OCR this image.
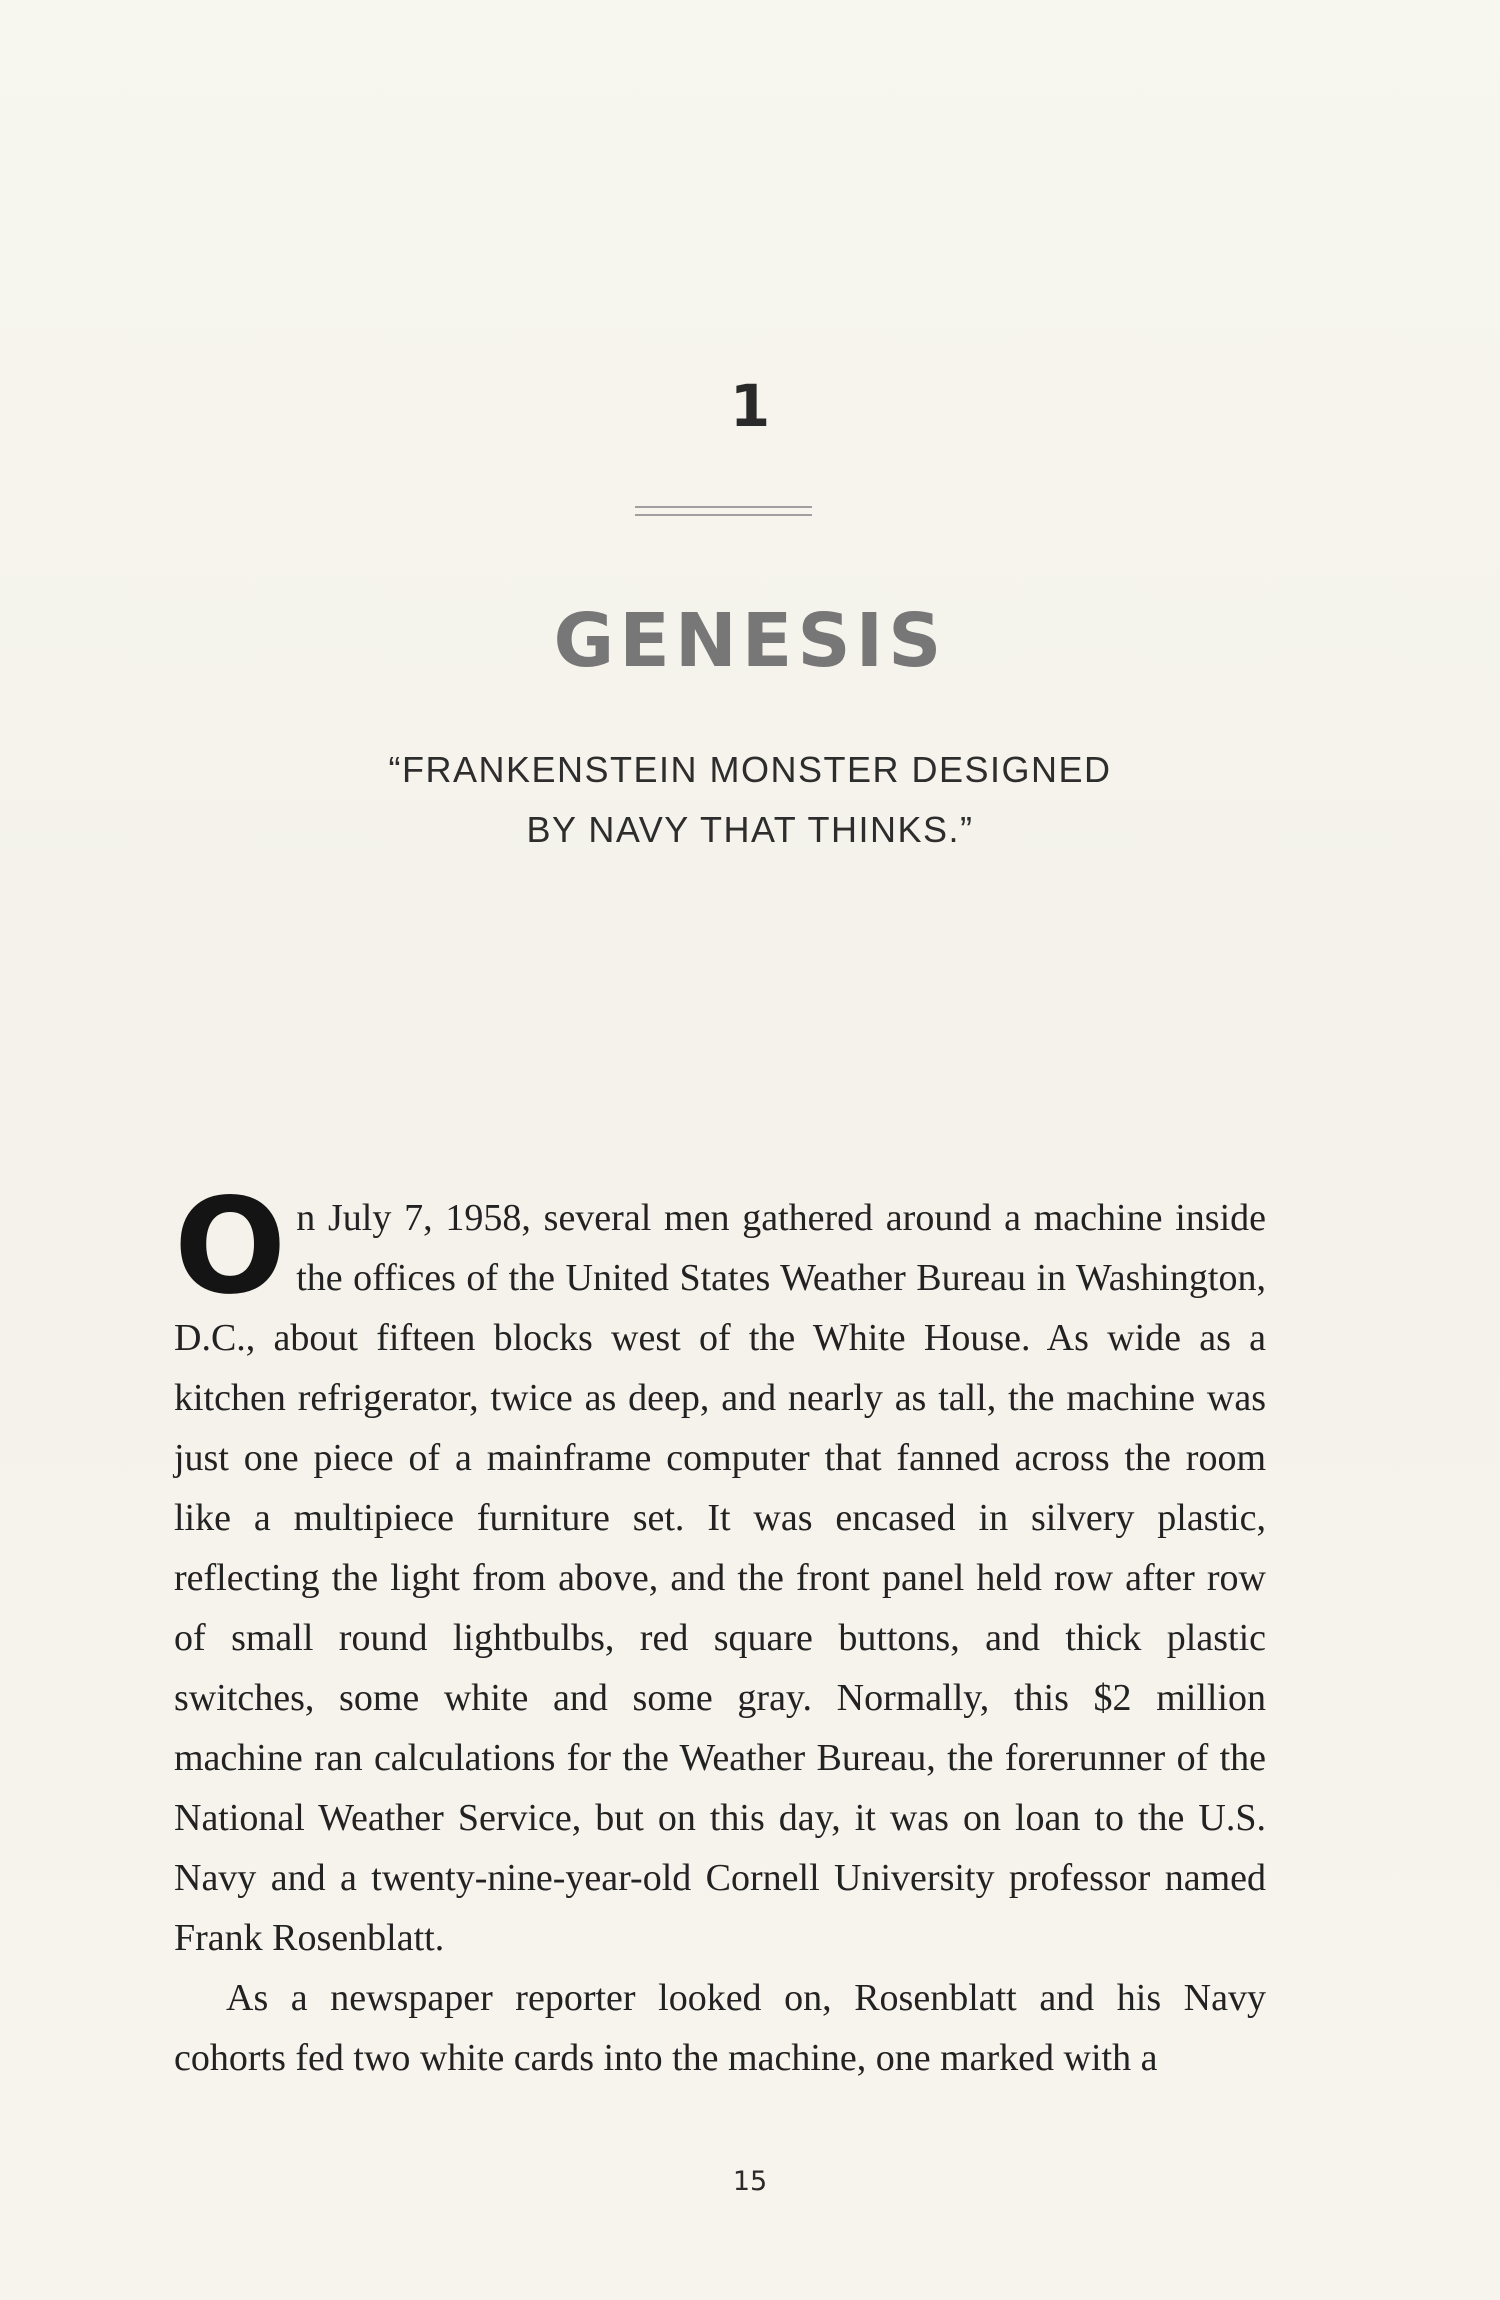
1
GENESIS
“FRANKENSTEIN MONSTER DESIGNED
BY NAVY THAT THINKS.”

On July 7, 1958, several men gathered around a machine inside the offices of the United States Weather Bureau in Washington, D.C., about fifteen blocks west of the White House. As wide as a kitchen refrigerator, twice as deep, and nearly as tall, the machine was just one piece of a mainframe computer that fanned across the room like a multipiece furniture set. It was encased in silvery plastic, reflecting the light from above, and the front panel held row after row of small round lightbulbs, red square buttons, and thick plastic switches, some white and some gray. Normally, this $2 million machine ran calculations for the Weather Bureau, the forerunner of the National Weather Service, but on this day, it was on loan to the U.S. Navy and a twenty-nine-year-old Cornell University professor named Frank Rosenblatt.

As a newspaper reporter looked on, Rosenblatt and his Navy cohorts fed two white cards into the machine, one marked with a

15
